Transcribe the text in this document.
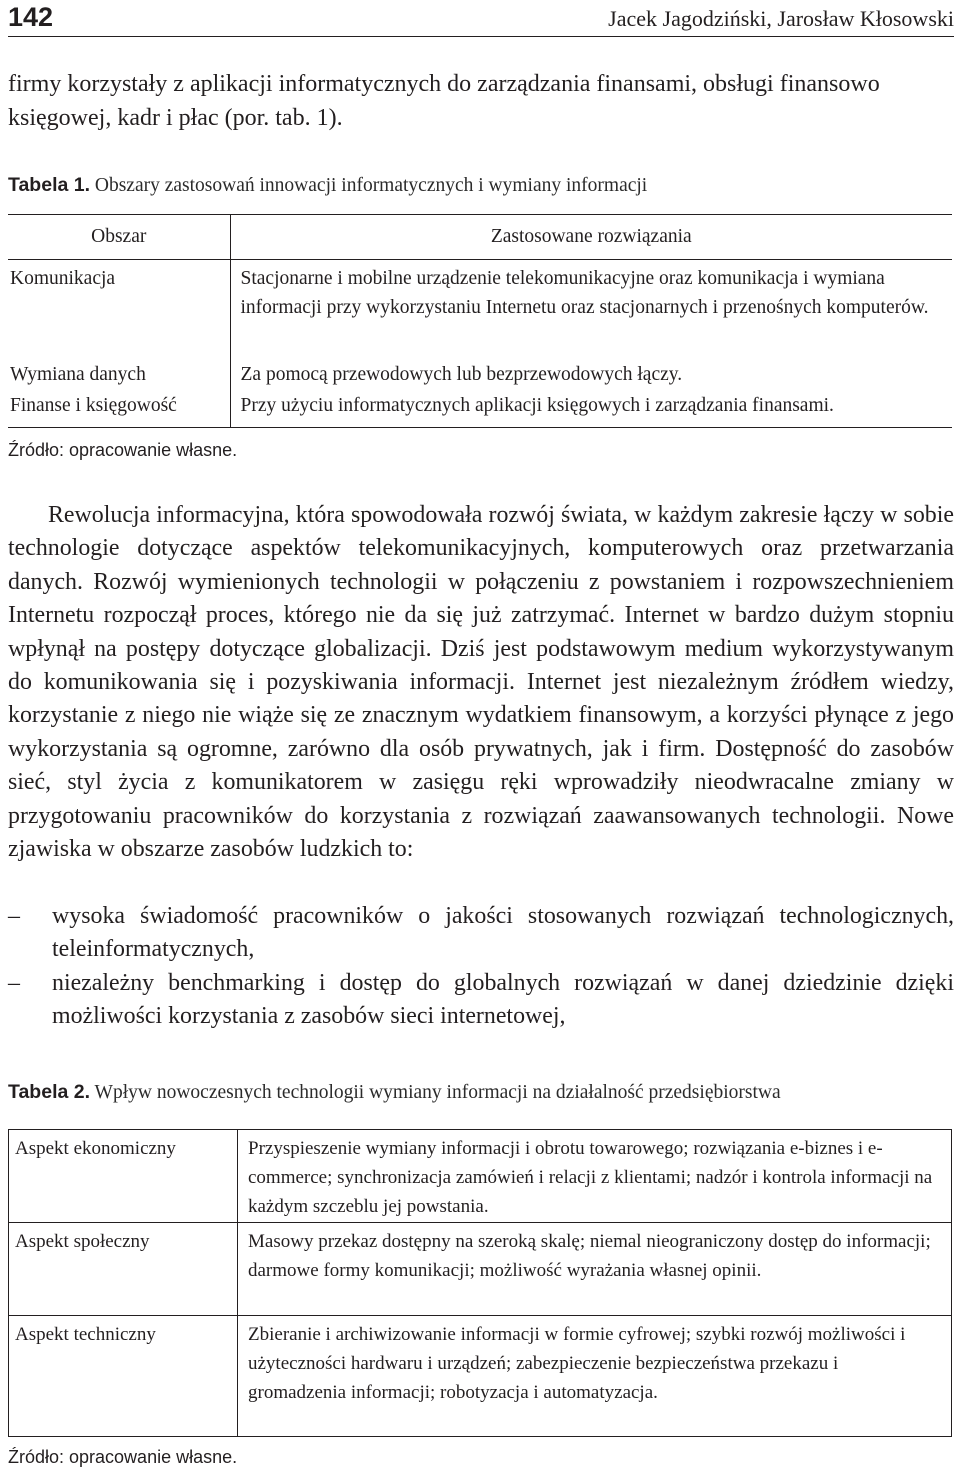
142	Jacek Jagodziński, Jarosław Kłosowski

firmy korzystały z aplikacji informatycznych do zarządzania finansami, obsługi finansowo księgowej, kadr i płac (por. tab. 1).

Tabela 1. Obszary zastosowań innowacji informatycznych i wymiany informacji

Obszar	Zastosowane rozwiązania
Komunikacja	Stacjonarne i mobilne urządzenie telekomunikacyjne oraz komunikacja i wymiana informacji przy wykorzystaniu Internetu oraz stacjonarnych i przenośnych komputerów.
Wymiana danych	Za pomocą przewodowych lub bezprzewodowych łączy.
Finanse i księgowość	Przy użyciu informatycznych aplikacji księgowych i zarządzania finansami.

Źródło: opracowanie własne.

Rewolucja informacyjna, która spowodowała rozwój świata, w każdym zakresie łączy w sobie technologie dotyczące aspektów telekomunikacyjnych, komputerowych oraz przetwarzania danych. Rozwój wymienionych technologii w połączeniu z powstaniem i rozpowszechnieniem Internetu rozpoczął proces, którego nie da się już zatrzymać. Internet w bardzo dużym stopniu wpłynął na postępy dotyczące globalizacji. Dziś jest podstawowym medium wykorzystywanym do komunikowania się i pozyskiwania informacji. Internet jest niezależnym źródłem wiedzy, korzystanie z niego nie wiąże się ze znacznym wydatkiem finansowym, a korzyści płynące z jego wykorzystania są ogromne, zarówno dla osób prywatnych, jak i firm. Dostępność do zasobów sieć, styl życia z komunikatorem w zasięgu ręki wprowadziły nieodwracalne zmiany w przygotowaniu pracowników do korzystania z rozwiązań zaawansowanych technologii. Nowe zjawiska w obszarze zasobów ludzkich to:

– wysoka świadomość pracowników o jakości stosowanych rozwiązań technologicznych, teleinformatycznych,
– niezależny benchmarking i dostęp do globalnych rozwiązań w danej dziedzinie dzięki możliwości korzystania z zasobów sieci internetowej,

Tabela 2. Wpływ nowoczesnych technologii wymiany informacji na działalność przedsiębiorstwa

Aspekt ekonomiczny	Przyspieszenie wymiany informacji i obrotu towarowego; rozwiązania e-biznes i e-commerce; synchronizacja zamówień i relacji z klientami; nadzór i kontrola informacji na każdym szczeblu jej powstania.
Aspekt społeczny	Masowy przekaz dostępny na szeroką skalę; niemal nieograniczony dostęp do informacji; darmowe formy komunikacji; możliwość wyrażania własnej opinii.
Aspekt techniczny	Zbieranie i archiwizowanie informacji w formie cyfrowej; szybki rozwój możliwości i użyteczności hardwaru i urządzeń; zabezpieczenie bezpieczeństwa przekazu i gromadzenia informacji; robotyzacja i automatyzacja.

Źródło: opracowanie własne.
